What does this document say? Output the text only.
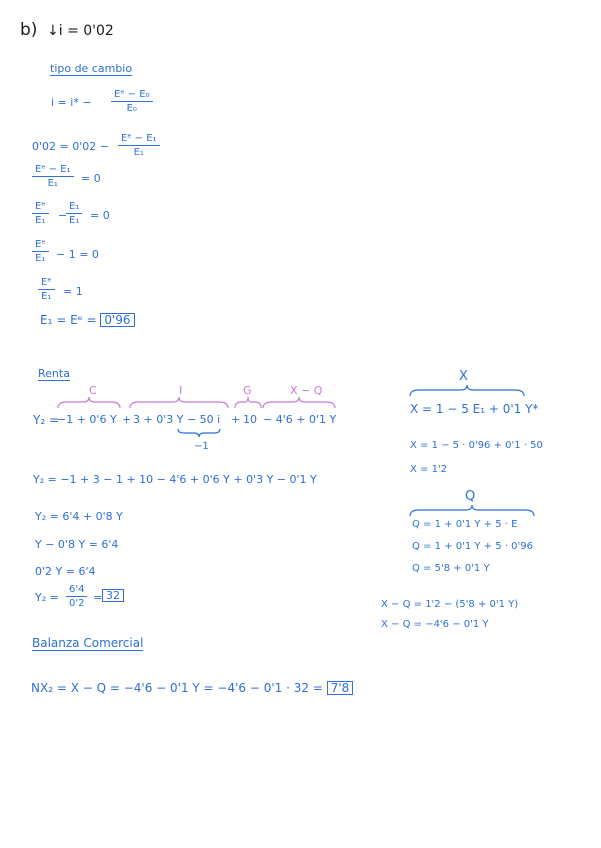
b) ↓i = 0'02
tipo de cambio
$i = i* - \frac{\text{Eᵉ − E₀}}{\text{E₀}}$
$0'02 = 0'02 - \frac{\text{Eᵉ − E₁}}{\text{E₁}}$
$\frac{\text{Eᵉ − E₁}}{\text{E₁}} = 0$
$\frac{\text{Eᵉ}}{\text{E₁}}$ −
$\frac{\text{E₁}}{\text{E₁}} = 0$
$\frac{\text{Eᵉ}}{\text{E₁}} - 1 = 0$
$\frac{\text{Eᵉ}}{\text{E₁}} = 1$
E₁ = Eᵉ = 0'96
Renta
C	I	G	X − Q
Y₂ =
−1 + 0'6 Y + 3 + 0'3 Y − 50 i + 10 − 4'6 + 0'1 Y
−1
Y₂ = −1 + 3 − 1 + 10 − 4'6 + 0'6 Y + 0'3 Y − 0'1 Y
Y₂ = 6'4 + 0'8 Y
Y − 0'8 Y = 6'4
0'2 Y = 6'4
$Y_2 = \frac{6'4}{0'2} = 32$
X
X = 1 − 5 E₁ + 0'1 Y*
X = 1 − 5 · 0'96 + 0'1 · 50
X = 1'2
Q
Q = 1 + 0'1 Y + 5 · E
Q = 1 + 0'1 Y + 5 · 0'96
Q = 5'8 + 0'1 Y
X − Q = 1'2 − (5'8 + 0'1 Y)
X − Q = −4'6 − 0'1 Y
Balanza Comercial
NX₂ = X − Q = −4'6 − 0'1 Y = −4'6 − 0'1 · 32 = 7'8
